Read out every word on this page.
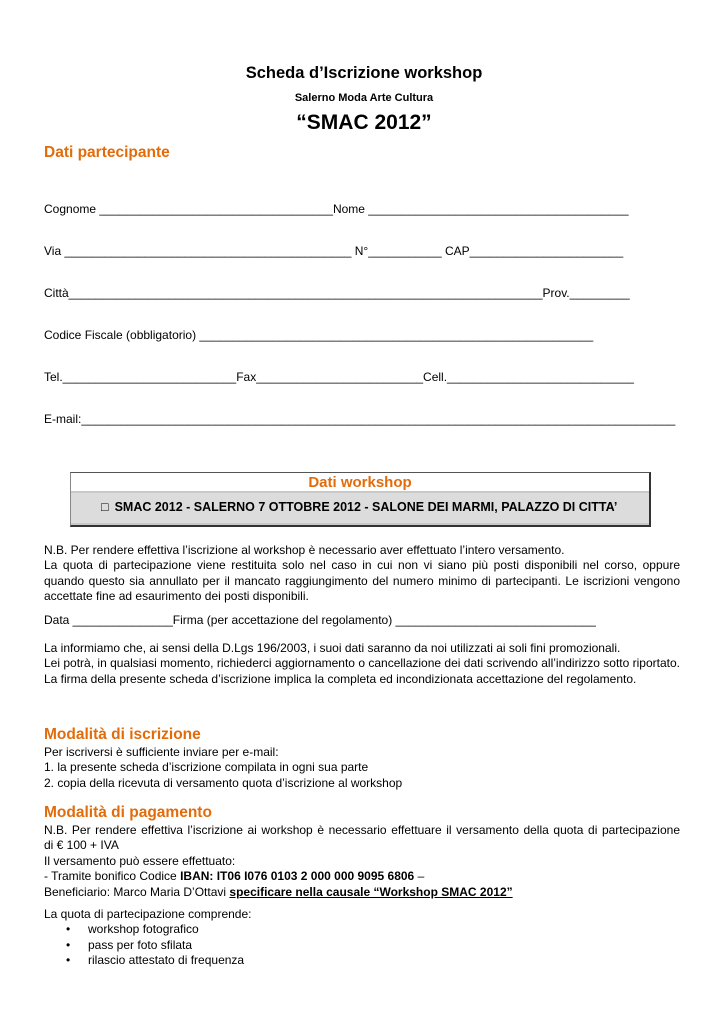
Scheda d’Iscrizione workshop
Salerno Moda Arte Cultura
“SMAC 2012”
Dati partecipante
Cognome ___________________________________Nome _______________________________________
Via ___________________________________________ N°___________ CAP_______________________
Città_______________________________________________________________________Prov._________
Codice Fiscale (obbligatorio) ___________________________________________________________
Tel.__________________________Fax_________________________Cell.____________________________
E-mail:_________________________________________________________________________________________
Dati workshop
□ SMAC 2012 - SALERNO 7 OTTOBRE 2012 - SALONE DEI MARMI, PALAZZO DI CITTA’

N.B. Per rendere effettiva l’iscrizione al workshop è necessario aver effettuato l’intero versamento.

La quota di partecipazione viene restituita solo nel caso in cui non vi siano più posti disponibili nel corso, oppure quando questo sia annullato per il mancato raggiungimento del numero minimo di partecipanti. Le iscrizioni vengono accettate fine ad esaurimento dei posti disponibili.

Data _______________Firma (per accettazione del regolamento) ______________________________

La informiamo che, ai sensi della D.Lgs 196/2003, i suoi dati saranno da noi utilizzati ai soli fini promozionali.

Lei potrà, in qualsiasi momento, richiederci aggiornamento o cancellazione dei dati scrivendo all’indirizzo sotto riportato. La firma della presente scheda d’iscrizione implica la completa ed incondizionata accettazione del regolamento.

Modalità di iscrizione

Per iscriversi è sufficiente inviare per e-mail:

1. la presente scheda d’iscrizione compilata in ogni sua parte

2. copia della ricevuta di versamento quota d’iscrizione al workshop

Modalità di pagamento

N.B. Per rendere effettiva l’iscrizione ai workshop è necessario effettuare il versamento della quota di partecipazione

di € 100 + IVA

Il versamento può essere effettuato:

- Tramite bonifico Codice IBAN: IT06 I076 0103 2 000 000 9095 6806 –

Beneficiario: Marco Maria D’Ottavi specificare nella causale “Workshop SMAC 2012”

La quota di partecipazione comprende:

• workshop fotografico
• pass per foto sfilata
• rilascio attestato di frequenza
